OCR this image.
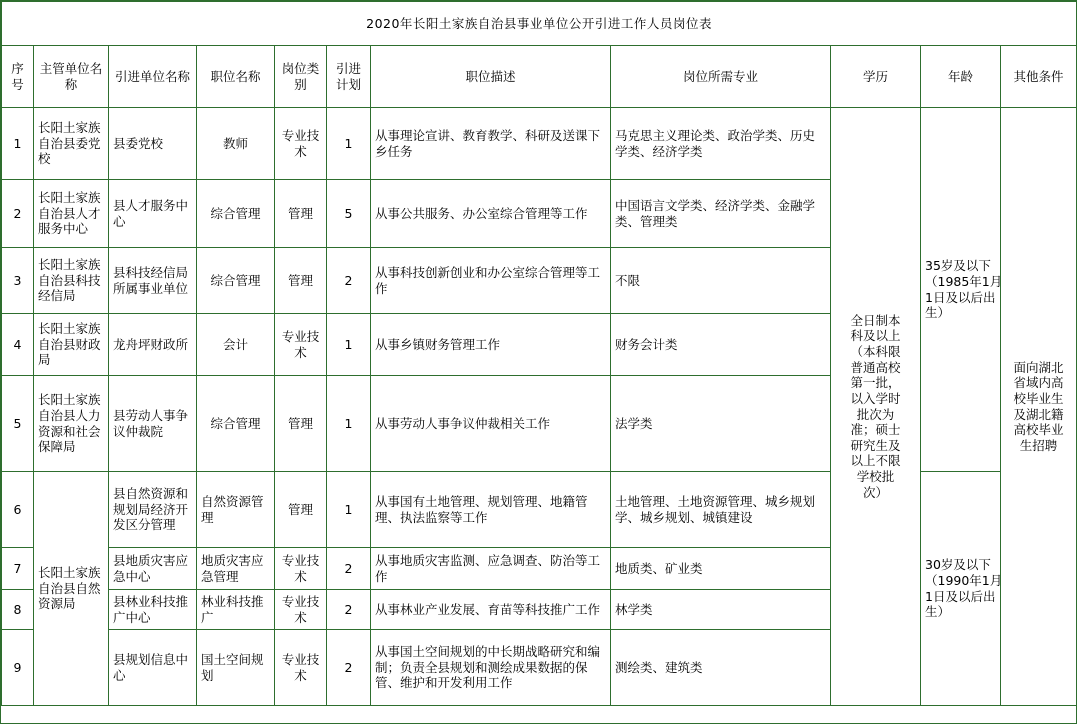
2020年长阳土家族自治县事业单位公开引进工作人员岗位表										
序号	主管单位名称	引进单位名称	职位名称	岗位类别	引进计划	职位描述	岗位所需专业	学历	年龄	其他条件
1	长阳土家族自治县委党校	县委党校	教师	专业技术	1	从事理论宣讲、教育教学、科研及送课下乡任务	马克思主义理论类、政治学类、历史学类、经济学类	全日制本科及以上（本科限普通高校第一批，以入学时批次为准；硕士研究生及以上不限学校批次）	35岁及以下（1985年1月1日及以后出生）	面向湖北省域内高校毕业生及湖北籍高校毕业生招聘

2	长阳土家族自治县人才服务中心	县人才服务中心	综合管理	管理	5	从事公共服务、办公室综合管理等工作	中国语言文学类、经济学类、金融学类、管理类			
3	长阳土家族自治县科技经信局	县科技经信局所属事业单位	综合管理	管理	2	从事科技创新创业和办公室综合管理等工作	不限			
4	长阳土家族自治县财政局	龙舟坪财政所	会计	专业技术	1	从事乡镇财务管理工作	财务会计类			
5	长阳土家族自治县人力资源和社会保障局	县劳动人事争议仲裁院	综合管理	管理	1	从事劳动人事争议仲裁相关工作	法学类			
6	长阳土家族自治县自然资源局	县自然资源和规划局经济开发区分管理	自然资源管理	管理	1	从事国有土地管理、规划管理、地籍管理、执法监察等工作	土地管理、土地资源管理、城乡规划学、城乡规划、城镇建设		30岁及以下（1990年1月1日及以后出生）	

7		县地质灾害应急中心	地质灾害应急管理	专业技术	2	从事地质灾害监测、应急调查、防治等工作	地质类、矿业类			
8		县林业科技推广中心	林业科技推广	专业技术	2	从事林业产业发展、育苗等科技推广工作	林学类			
9		县规划信息中心	国土空间规划	专业技术	2	从事国土空间规划的中长期战略研究和编制；负责全县规划和测绘成果数据的保管、维护和开发利用工作	测绘类、建筑类			
